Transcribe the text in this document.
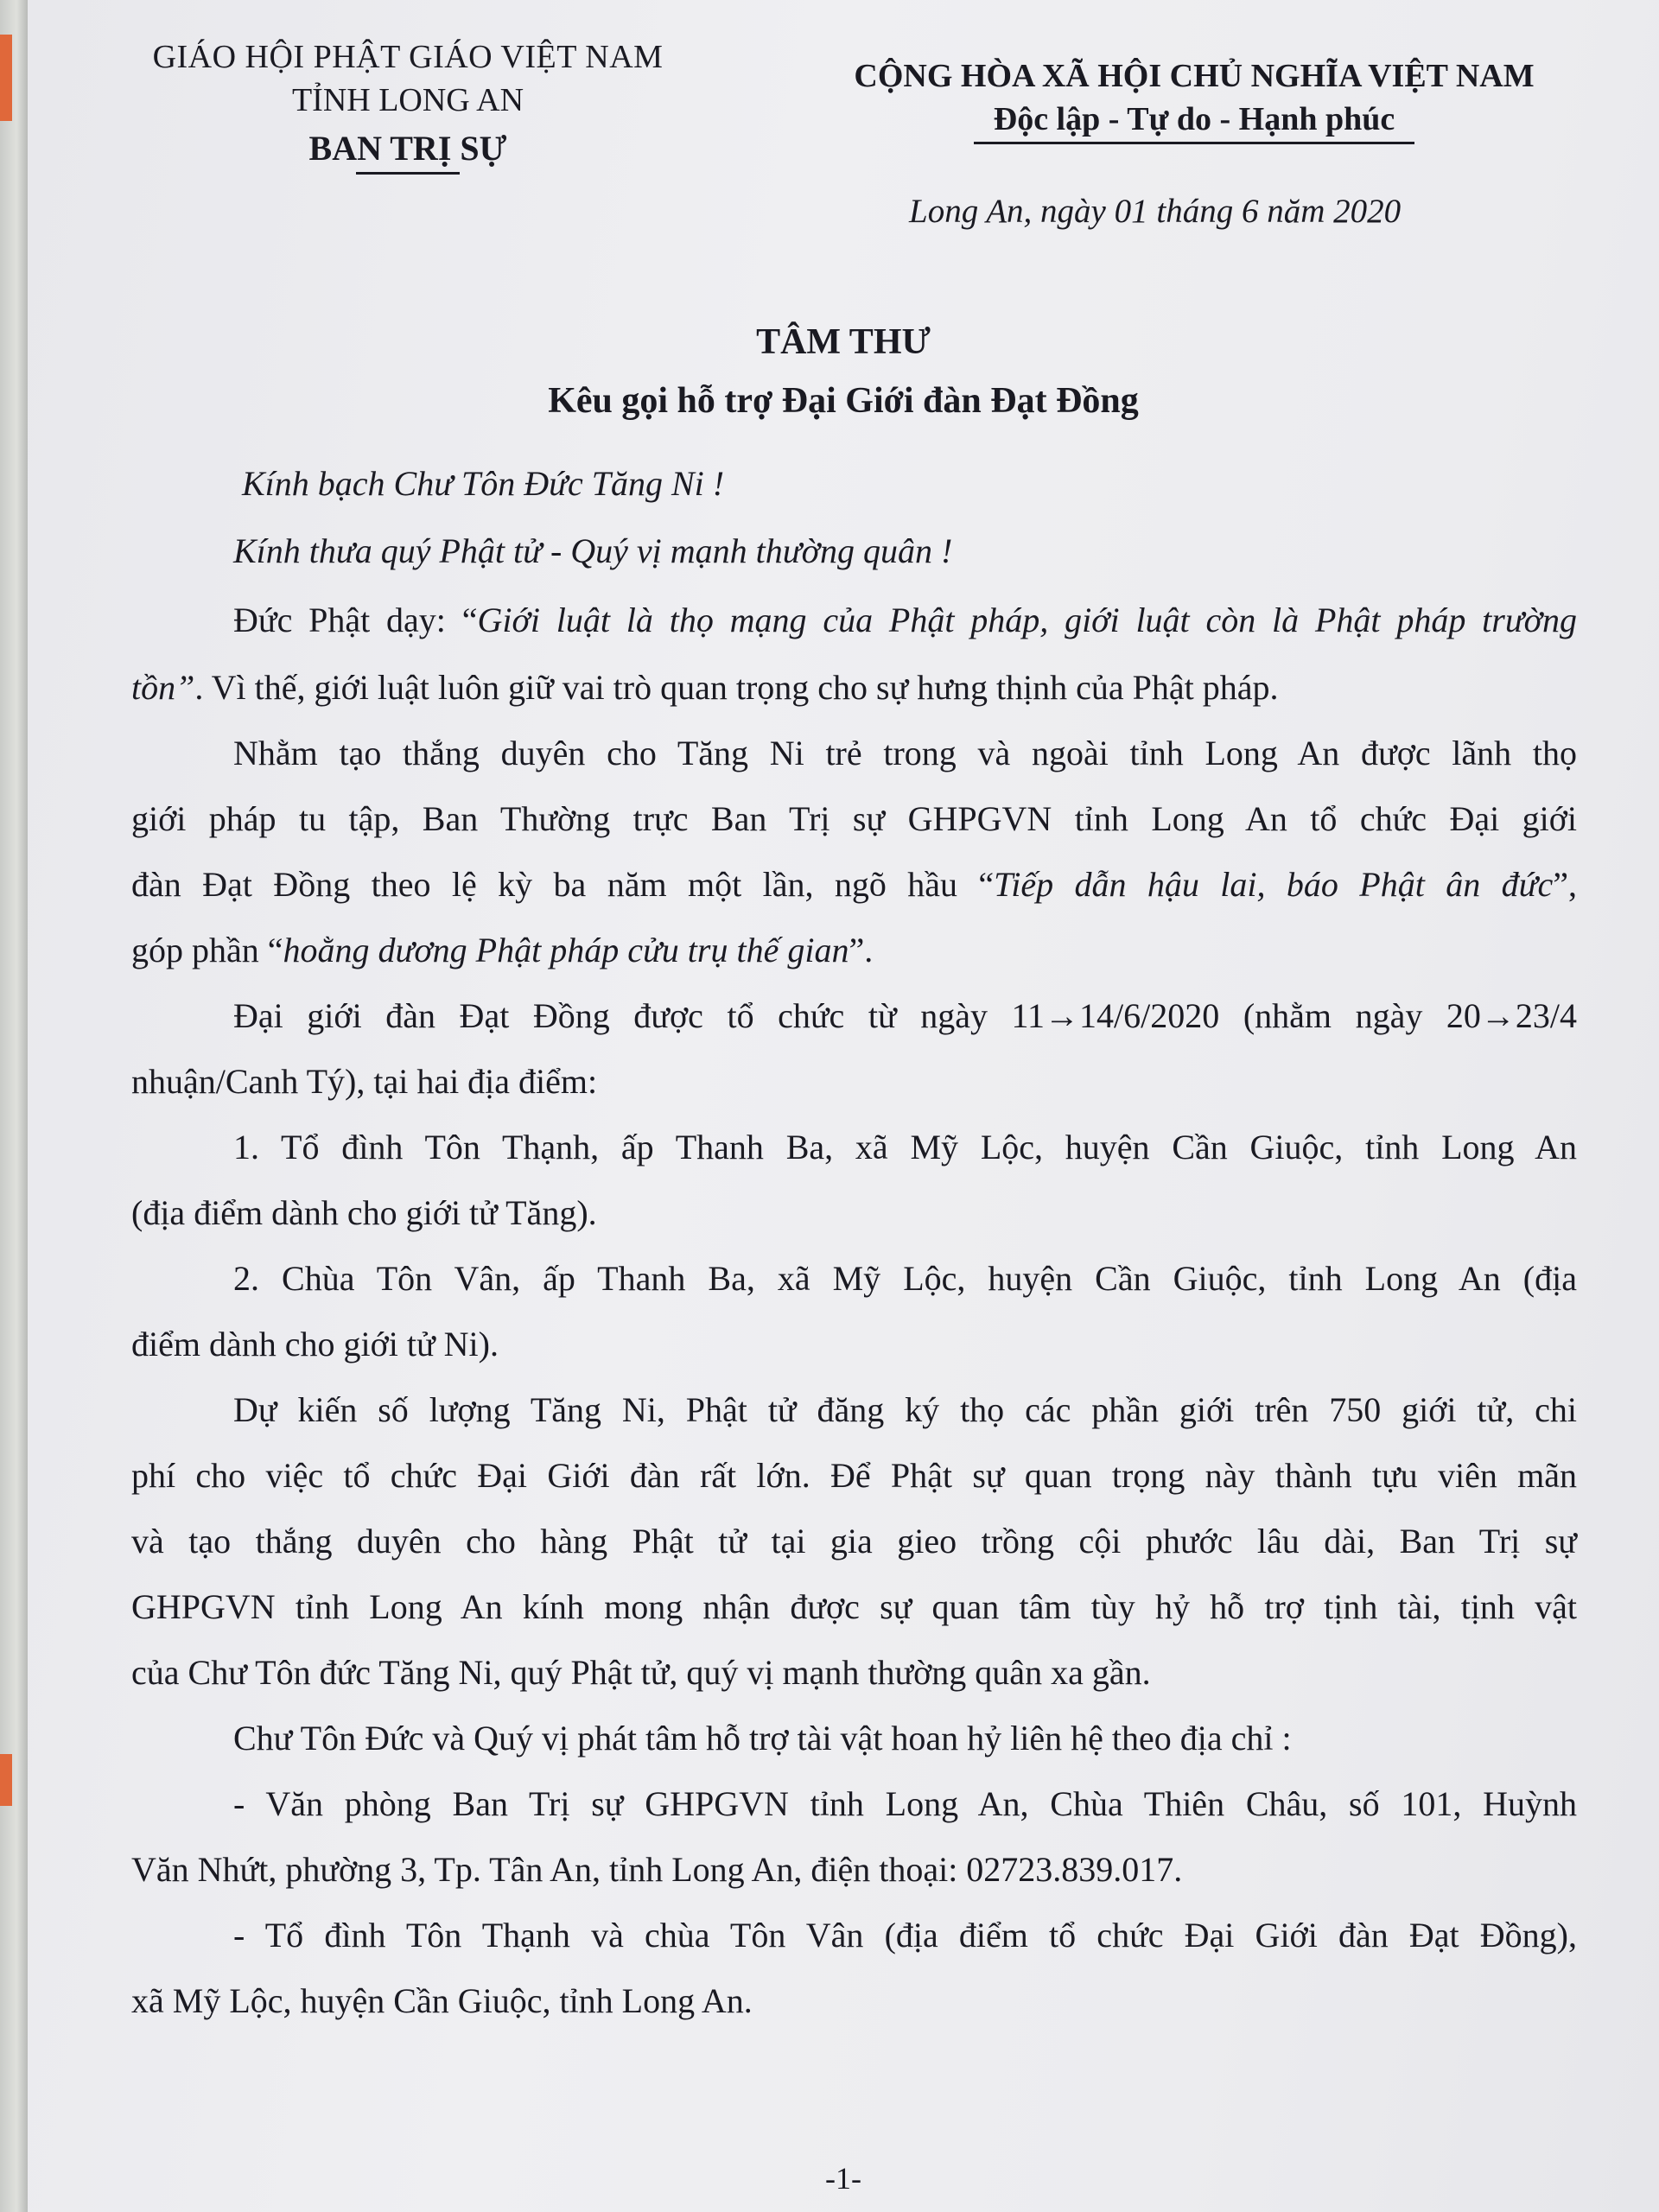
GIÁO HỘI PHẬT GIÁO VIỆT NAM
TỈNH LONG AN
BAN TRỊ SỰ
CỘNG HÒA XÃ HỘI CHỦ NGHĨA VIỆT NAM
Độc lập - Tự do - Hạnh phúc
Long An, ngày 01 tháng 6 năm 2020
TÂM THƯ
Kêu gọi hỗ trợ Đại Giới đàn Đạt Đồng
Kính bạch Chư Tôn Đức Tăng Ni !
Kính thưa quý Phật tử - Quý vị mạnh thường quân !
Đức Phật dạy: “Giới luật là thọ mạng của Phật pháp, giới luật còn là Phật pháp trường
tồn”. Vì thế, giới luật luôn giữ vai trò quan trọng cho sự hưng thịnh của Phật pháp.
Nhằm tạo thắng duyên cho Tăng Ni trẻ trong và ngoài tỉnh Long An được lãnh thọ
giới pháp tu tập, Ban Thường trực Ban Trị sự GHPGVN tỉnh Long An tổ chức Đại giới
đàn Đạt Đồng theo lệ kỳ ba năm một lần, ngõ hầu “Tiếp dẫn hậu lai, báo Phật ân đức”,
góp phần “hoằng dương Phật pháp cửu trụ thế gian”.
Đại giới đàn Đạt Đồng được tổ chức từ ngày 11→14/6/2020 (nhằm ngày 20→23/4
nhuận/Canh Tý), tại hai địa điểm:
1. Tổ đình Tôn Thạnh, ấp Thanh Ba, xã Mỹ Lộc, huyện Cần Giuộc, tỉnh Long An
(địa điểm dành cho giới tử Tăng).
2. Chùa Tôn Vân, ấp Thanh Ba, xã Mỹ Lộc, huyện Cần Giuộc, tỉnh Long An (địa
điểm dành cho giới tử Ni).
Dự kiến số lượng Tăng Ni, Phật tử đăng ký thọ các phần giới trên 750 giới tử, chi
phí cho việc tổ chức Đại Giới đàn rất lớn. Để Phật sự quan trọng này thành tựu viên mãn
và tạo thắng duyên cho hàng Phật tử tại gia gieo trồng cội phước lâu dài, Ban Trị sự
GHPGVN tỉnh Long An kính mong nhận được sự quan tâm tùy hỷ hỗ trợ tịnh tài, tịnh vật
của Chư Tôn đức Tăng Ni, quý Phật tử, quý vị mạnh thường quân xa gần.
Chư Tôn Đức và Quý vị phát tâm hỗ trợ tài vật hoan hỷ liên hệ theo địa chỉ :
- Văn phòng Ban Trị sự GHPGVN tỉnh Long An, Chùa Thiên Châu, số 101, Huỳnh
Văn Nhứt, phường 3, Tp. Tân An, tỉnh Long An, điện thoại: 02723.839.017.
- Tổ đình Tôn Thạnh và chùa Tôn Vân (địa điểm tổ chức Đại Giới đàn Đạt Đồng),
xã Mỹ Lộc, huyện Cần Giuộc, tỉnh Long An.
-1-
